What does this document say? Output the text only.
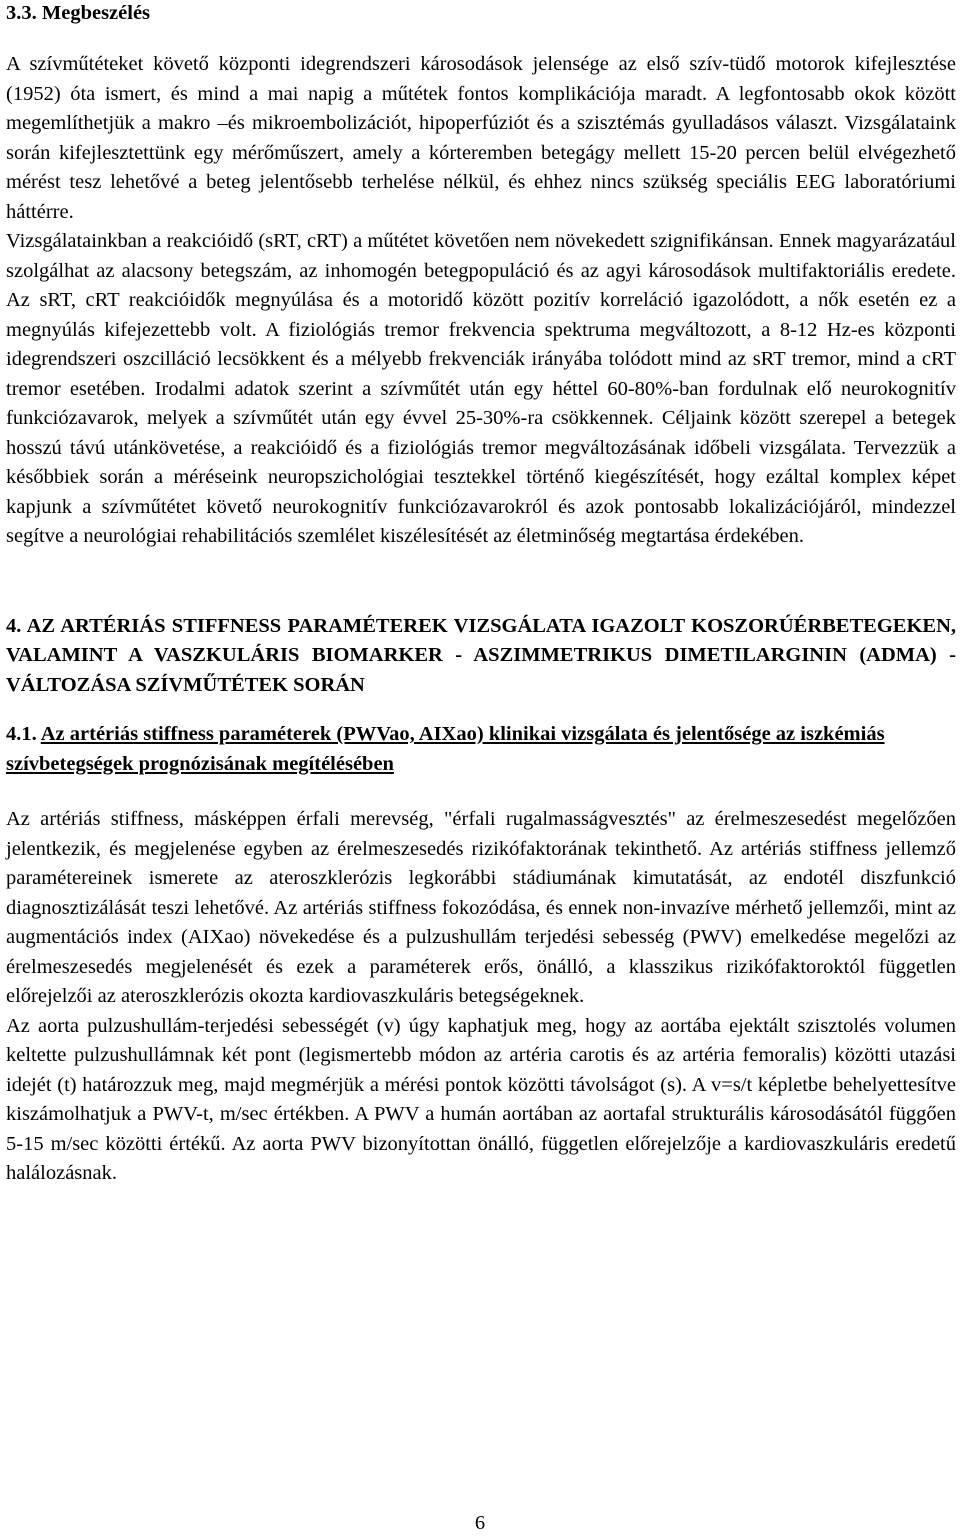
3.3. Megbeszélés

A szívműtéteket követő központi idegrendszeri károsodások jelensége az első szív-tüdő motorok kifejlesztése (1952) óta ismert, és mind a mai napig a műtétek fontos komplikációja maradt. A legfontosabb okok között megemlíthetjük a makro –és mikroembolizációt, hipoperfúziót és a szisztémás gyulladásos választ. Vizsgálataink során kifejlesztettünk egy mérőműszert, amely a kórteremben betegágy mellett 15-20 percen belül elvégezhető mérést tesz lehetővé a beteg jelentősebb terhelése nélkül, és ehhez nincs szükség speciális EEG laboratóriumi háttérre.

Vizsgálatainkban a reakcióidő (sRT, cRT) a műtétet követően nem növekedett szignifikánsan. Ennek magyarázatául szolgálhat az alacsony betegszám, az inhomogén betegpopuláció és az agyi károsodások multifaktoriális eredete. Az sRT, cRT reakcióidők megnyúlása és a motoridő között pozitív korreláció igazolódott, a nők esetén ez a megnyúlás kifejezettebb volt. A fiziológiás tremor frekvencia spektruma megváltozott, a 8-12 Hz-es központi idegrendszeri oszcilláció lecsökkent és a mélyebb frekvenciák irányába tolódott mind az sRT tremor, mind a cRT tremor esetében. Irodalmi adatok szerint a szívműtét után egy héttel 60-80%-ban fordulnak elő neurokognitív funkciózavarok, melyek a szívműtét után egy évvel 25-30%-ra csökkennek. Céljaink között szerepel a betegek hosszú távú utánkövetése, a reakcióidő és a fiziológiás tremor megváltozásának időbeli vizsgálata. Tervezzük a későbbiek során a méréseink neuropszichológiai tesztekkel történő kiegészítését, hogy ezáltal komplex képet kapjunk a szívműtétet követő neurokognitív funkciózavarokról és azok pontosabb lokalizációjáról, mindezzel segítve a neurológiai rehabilitációs szemlélet kiszélesítését az életminőség megtartása érdekében.

4. AZ ARTÉRIÁS STIFFNESS PARAMÉTEREK VIZSGÁLATA IGAZOLT KOSZORÚÉRBETEGEKEN, VALAMINT A VASZKULÁRIS BIOMARKER - ASZIMMETRIKUS DIMETILARGININ (ADMA) - VÁLTOZÁSA SZÍVMŰTÉTEK SORÁN

4.1. Az artériás stiffness paraméterek (PWVao, AIXao) klinikai vizsgálata és jelentősége az iszkémiás szívbetegségek prognózisának megítélésében

Az artériás stiffness, másképpen érfali merevség, "érfali rugalmasságvesztés" az érelmeszesedést megelőzően jelentkezik, és megjelenése egyben az érelmeszesedés rizikófaktorának tekinthető. Az artériás stiffness jellemző paramétereinek ismerete az ateroszklerózis legkorábbi stádiumának kimutatását, az endotél diszfunkció diagnosztizálását teszi lehetővé. Az artériás stiffness fokozódása, és ennek non-invazíve mérhető jellemzői, mint az augmentációs index (AIXao) növekedése és a pulzushullám terjedési sebesség (PWV) emelkedése megelőzi az érelmeszesedés megjelenését és ezek a paraméterek erős, önálló, a klasszikus rizikófaktoroktól független előrejelzői az ateroszklerózis okozta kardiovaszkuláris betegségeknek.

Az aorta pulzushullám-terjedési sebességét (v) úgy kaphatjuk meg, hogy az aortába ejektált szisztolés volumen keltette pulzushullámnak két pont (legismertebb módon az artéria carotis és az artéria femoralis) közötti utazási idejét (t) határozzuk meg, majd megmérjük a mérési pontok közötti távolságot (s). A v=s/t képletbe behelyettesítve kiszámolhatjuk a PWV-t, m/sec értékben. A PWV a humán aortában az aortafal strukturális károsodásától függően 5-15 m/sec közötti értékű. Az aorta PWV bizonyítottan önálló, független előrejelzője a kardiovaszkuláris eredetű halálozásnak.

6
